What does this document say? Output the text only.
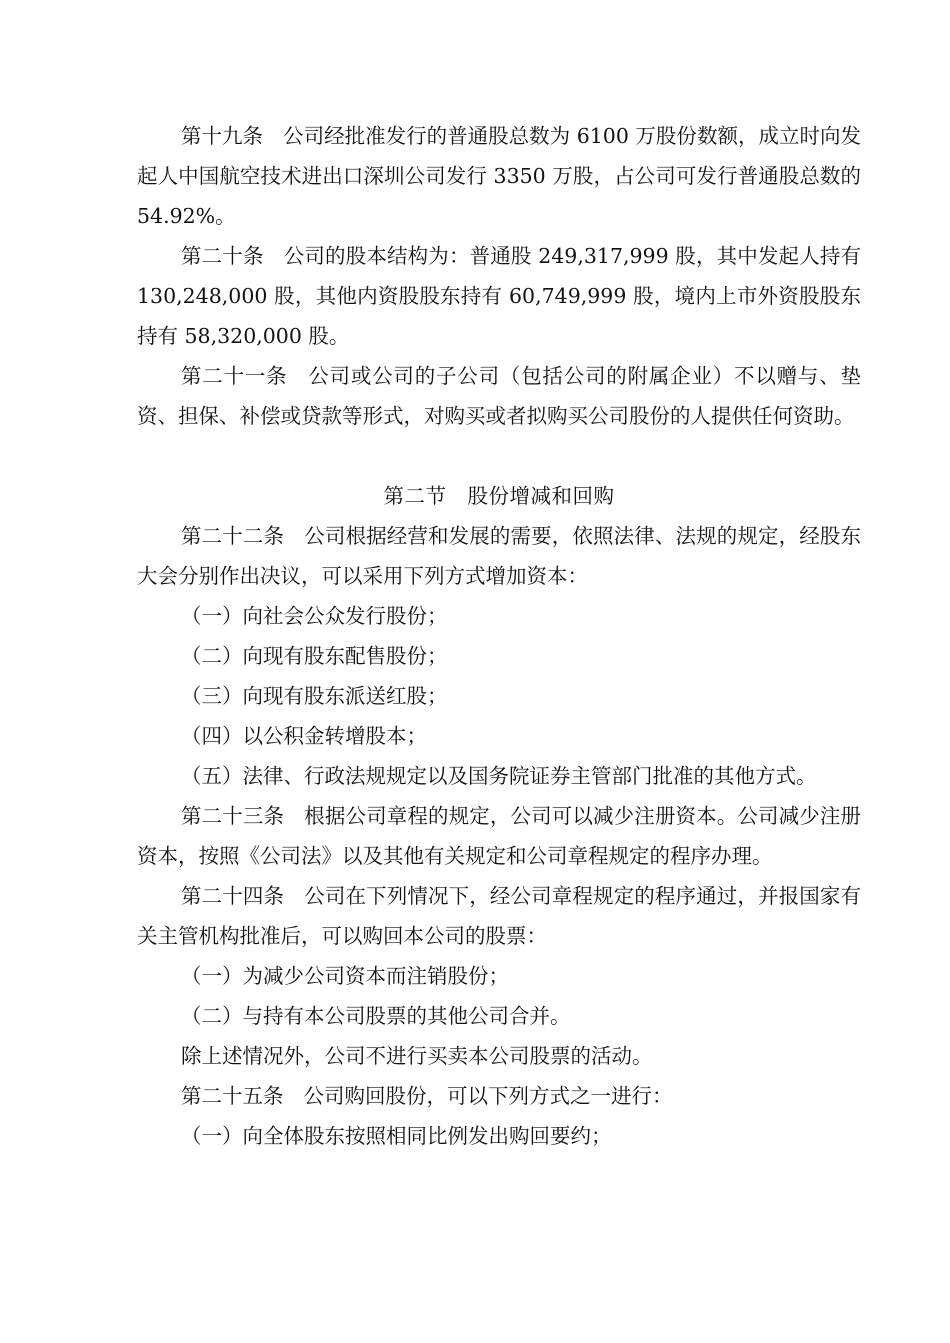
第十九条 公司经批准发行的普通股总数为 6100 万股份数额，成立时向发起人中国航空技术进出口深圳公司发行 3350 万股，占公司可发行普通股总数的 54.92%。

第二十条 公司的股本结构为：普通股 249,317,999 股，其中发起人持有 130,248,000 股，其他内资股股东持有 60,749,999 股，境内上市外资股股东持有 58,320,000 股。

第二十一条 公司或公司的子公司（包括公司的附属企业）不以赠与、垫资、担保、补偿或贷款等形式，对购买或者拟购买公司股份的人提供任何资助。

第二节　股份增减和回购

第二十二条 公司根据经营和发展的需要，依照法律、法规的规定，经股东大会分别作出决议，可以采用下列方式增加资本：

（一）向社会公众发行股份；

（二）向现有股东配售股份；

（三）向现有股东派送红股；

（四）以公积金转增股本；

（五）法律、行政法规规定以及国务院证券主管部门批准的其他方式。

第二十三条 根据公司章程的规定，公司可以减少注册资本。公司减少注册资本，按照《公司法》以及其他有关规定和公司章程规定的程序办理。

第二十四条 公司在下列情况下，经公司章程规定的程序通过，并报国家有关主管机构批准后，可以购回本公司的股票：

（一）为减少公司资本而注销股份；

（二）与持有本公司股票的其他公司合并。

除上述情况外，公司不进行买卖本公司股票的活动。

第二十五条 公司购回股份，可以下列方式之一进行：

（一）向全体股东按照相同比例发出购回要约；
